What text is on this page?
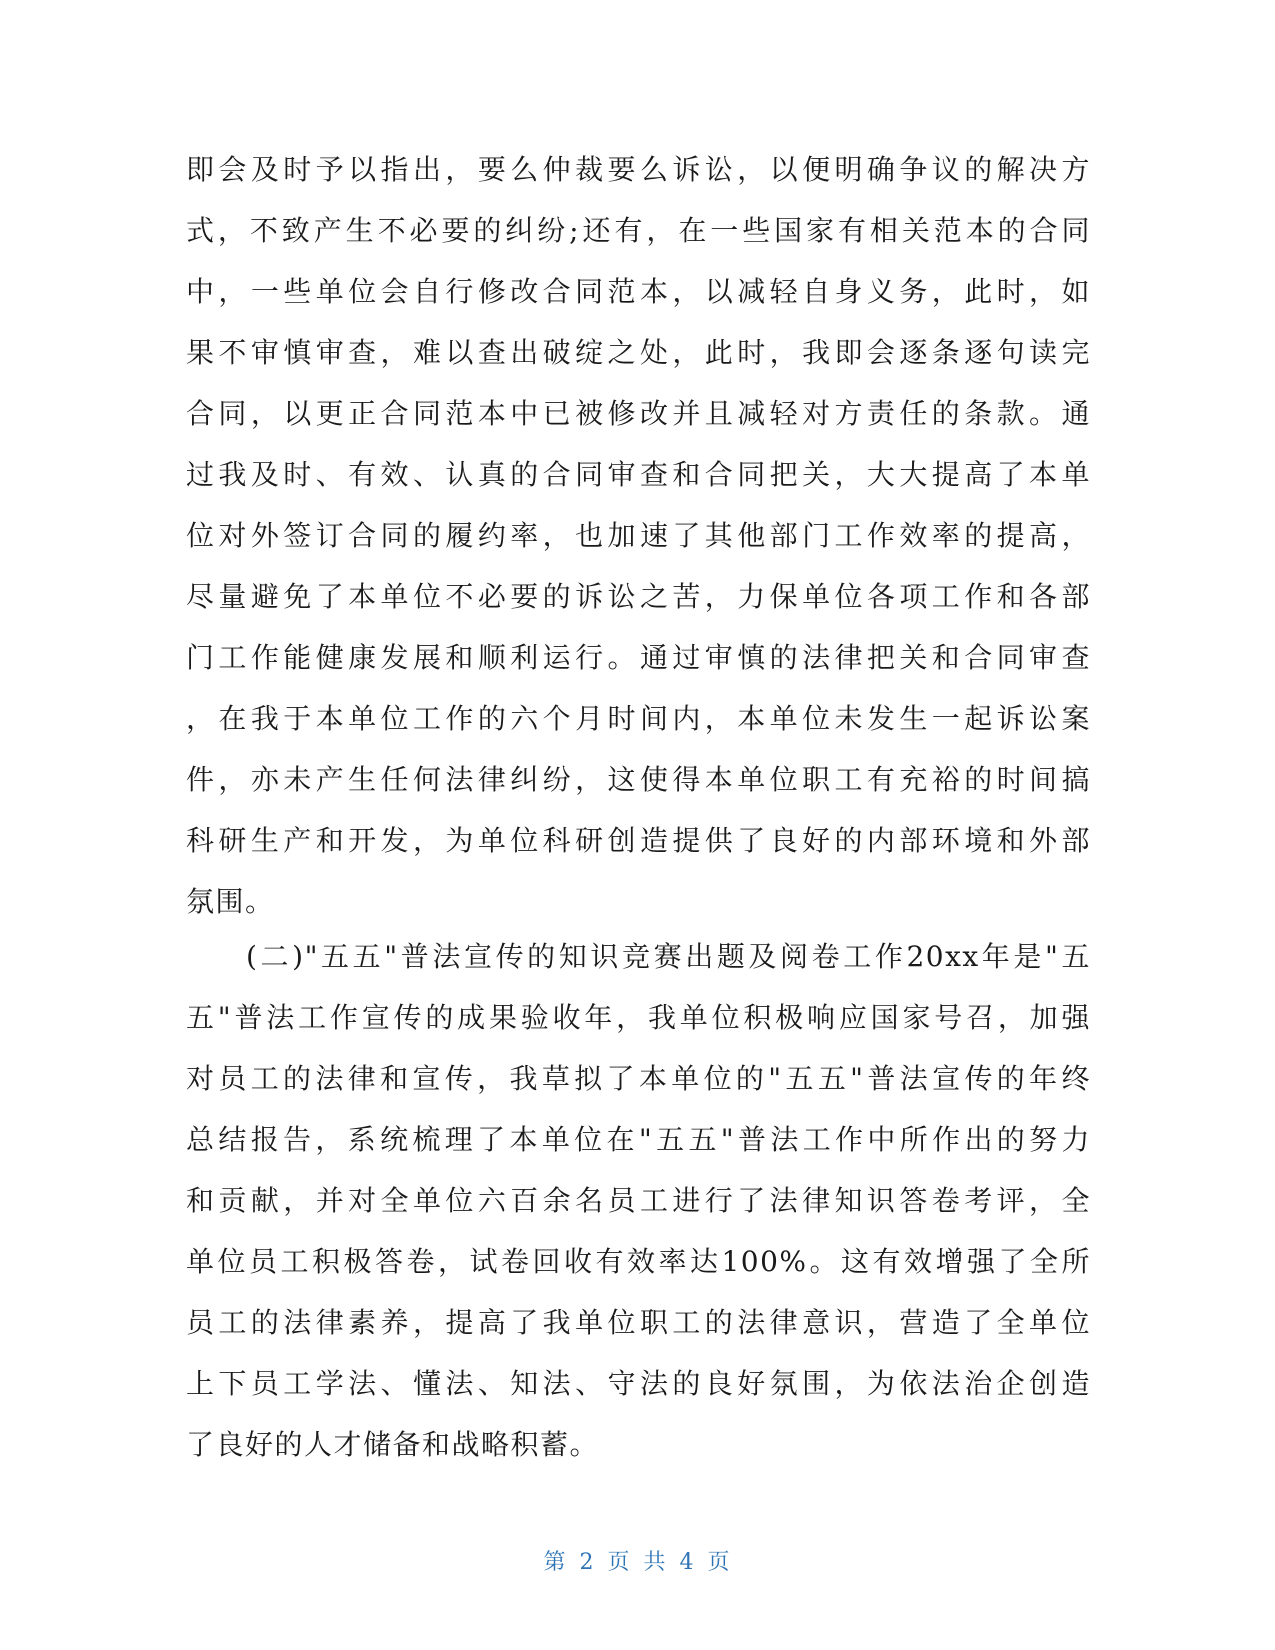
即会及时予以指出，要么仲裁要么诉讼，以便明确争议的解决方
式，不致产生不必要的纠纷;还有，在一些国家有相关范本的合同
中，一些单位会自行修改合同范本，以减轻自身义务，此时，如
果不审慎审查，难以查出破绽之处，此时，我即会逐条逐句读完
合同，以更正合同范本中已被修改并且减轻对方责任的条款。通
过我及时、有效、认真的合同审查和合同把关，大大提高了本单
位对外签订合同的履约率，也加速了其他部门工作效率的提高，
尽量避免了本单位不必要的诉讼之苦，力保单位各项工作和各部
门工作能健康发展和顺利运行。通过审慎的法律把关和合同审查
，在我于本单位工作的六个月时间内，本单位未发生一起诉讼案
件，亦未产生任何法律纠纷，这使得本单位职工有充裕的时间搞
科研生产和开发，为单位科研创造提供了良好的内部环境和外部
氛围。
(二)"五五"普法宣传的知识竞赛出题及阅卷工作20xx年是"五
五"普法工作宣传的成果验收年，我单位积极响应国家号召，加强
对员工的法律和宣传，我草拟了本单位的"五五"普法宣传的年终
总结报告，系统梳理了本单位在"五五"普法工作中所作出的努力
和贡献，并对全单位六百余名员工进行了法律知识答卷考评，全
单位员工积极答卷，试卷回收有效率达100%。这有效增强了全所
员工的法律素养，提高了我单位职工的法律意识，营造了全单位
上下员工学法、懂法、知法、守法的良好氛围，为依法治企创造
了良好的人才储备和战略积蓄。
第 2 页 共 4 页
